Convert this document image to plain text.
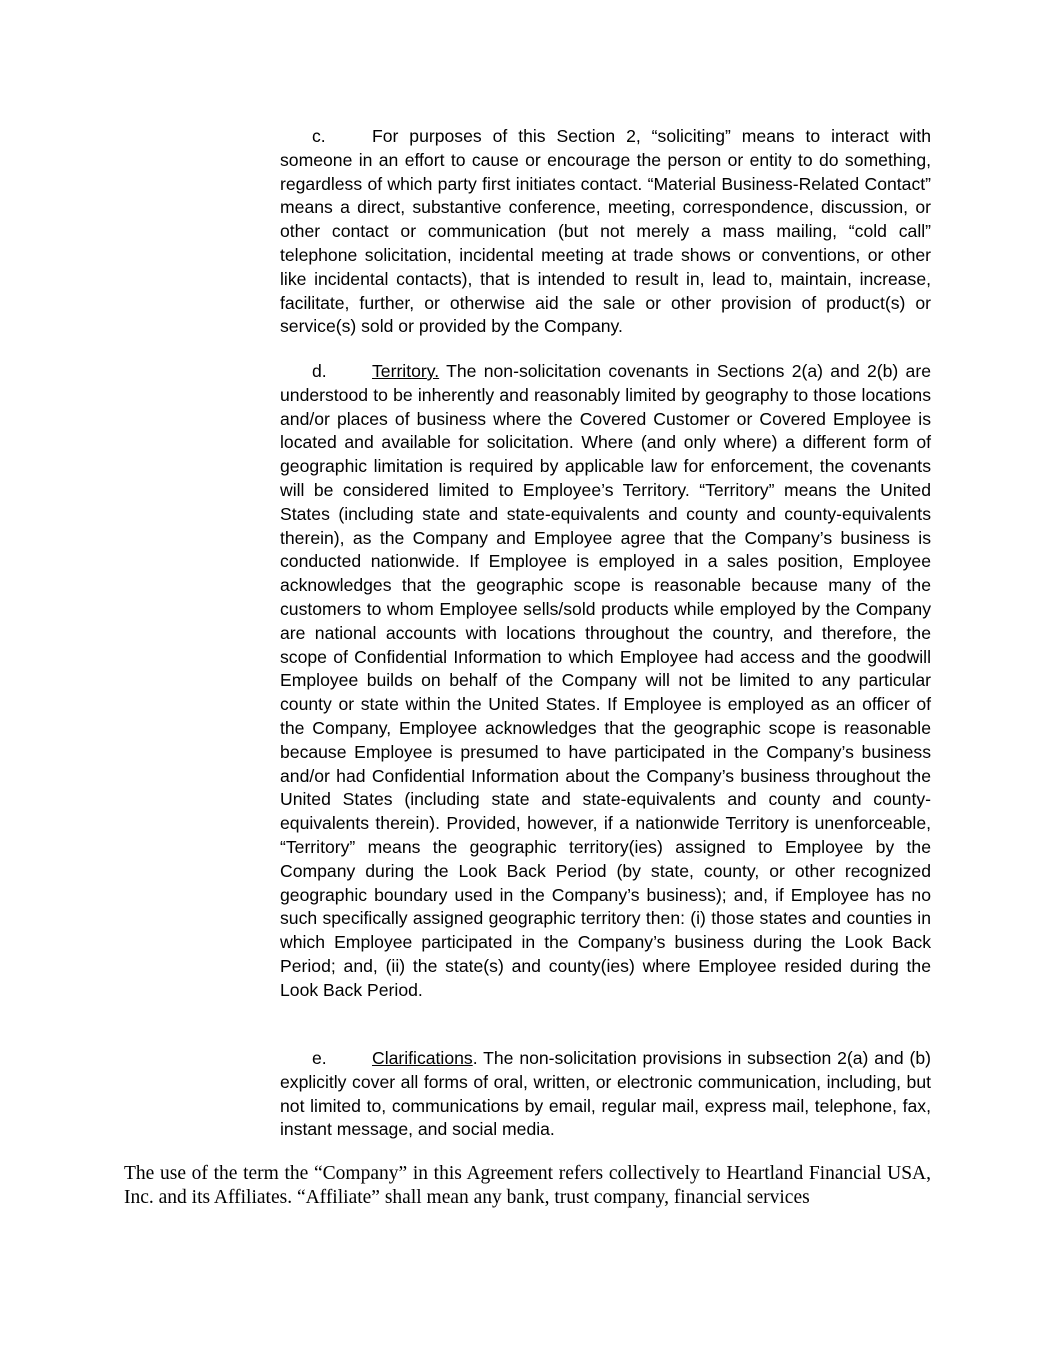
c.	For purposes of this Section 2, “soliciting” means to interact with someone in an effort to cause or encourage the person or entity to do something, regardless of which party first initiates contact. “Material Business-Related Contact” means a direct, substantive conference, meeting, correspondence, discussion, or other contact or communication (but not merely a mass mailing, “cold call” telephone solicitation, incidental meeting at trade shows or conventions, or other like incidental contacts), that is intended to result in, lead to, maintain, increase, facilitate, further, or otherwise aid the sale or other provision of product(s) or service(s) sold or provided by the Company.

d.	Territory. The non-solicitation covenants in Sections 2(a) and 2(b) are understood to be inherently and reasonably limited by geography to those locations and/or places of business where the Covered Customer or Covered Employee is located and available for solicitation. Where (and only where) a different form of geographic limitation is required by applicable law for enforcement, the covenants will be considered limited to Employee’s Territory. “Territory” means the United States (including state and state-equivalents and county and county-equivalents therein), as the Company and Employee agree that the Company’s business is conducted nationwide. If Employee is employed in a sales position, Employee acknowledges that the geographic scope is reasonable because many of the customers to whom Employee sells/sold products while employed by the Company are national accounts with locations throughout the country, and therefore, the scope of Confidential Information to which Employee had access and the goodwill Employee builds on behalf of the Company will not be limited to any particular county or state within the United States. If Employee is employed as an officer of the Company, Employee acknowledges that the geographic scope is reasonable because Employee is presumed to have participated in the Company’s business and/or had Confidential Information about the Company’s business throughout the United States (including state and state-equivalents and county and county-equivalents therein). Provided, however, if a nationwide Territory is unenforceable, “Territory” means the geographic territory(ies) assigned to Employee by the Company during the Look Back Period (by state, county, or other recognized geographic boundary used in the Company’s business); and, if Employee has no such specifically assigned geographic territory then: (i) those states and counties in which Employee participated in the Company’s business during the Look Back Period; and, (ii) the state(s) and county(ies) where Employee resided during the Look Back Period.

e.	Clarifications. The non-solicitation provisions in subsection 2(a) and (b) explicitly cover all forms of oral, written, or electronic communication, including, but not limited to, communications by email, regular mail, express mail, telephone, fax, instant message, and social media.

The use of the term the “Company” in this Agreement refers collectively to Heartland Financial USA, Inc. and its Affiliates. “Affiliate” shall mean any bank, trust company, financial services
